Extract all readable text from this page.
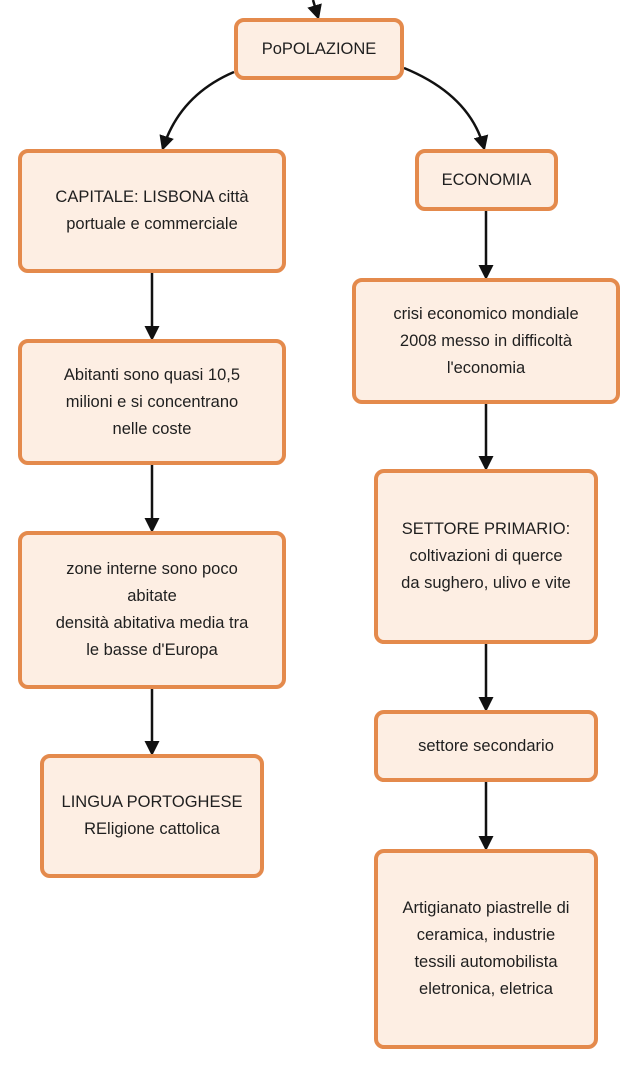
PoPOLAZIONE
CAPITALE: LISBONA città
portuale e commerciale
Abitanti sono quasi 10,5
milioni e si concentrano
nelle coste
zone interne sono poco
abitate
densità abitativa media tra
le basse d'Europa
LINGUA PORTOGHESE
REligione cattolica
ECONOMIA
crisi economico mondiale
2008 messo in difficoltà
l'economia
SETTORE PRIMARIO:
coltivazioni di querce
da sughero, ulivo e vite
settore secondario
Artigianato piastrelle di
ceramica, industrie
tessili automobilista
eletronica, eletrica
